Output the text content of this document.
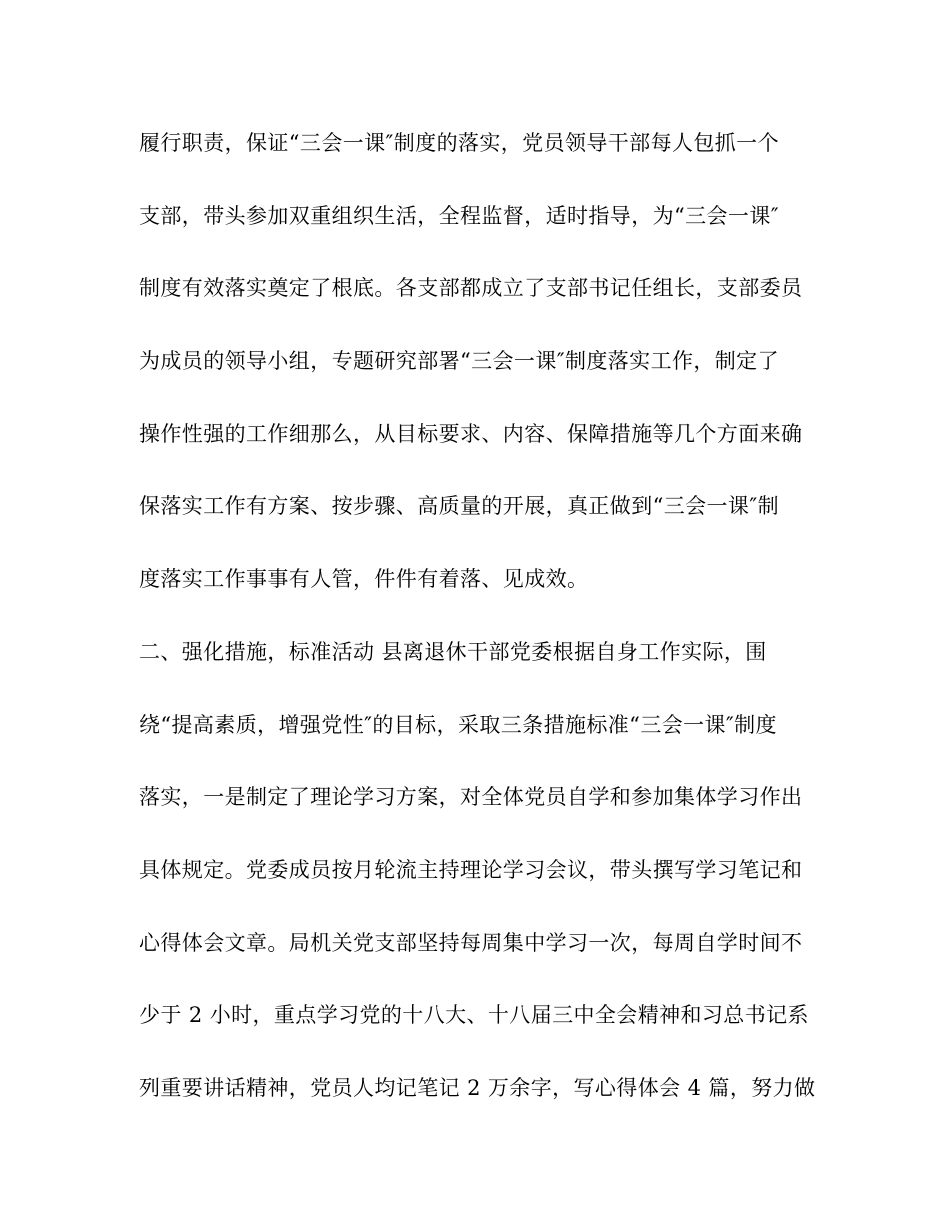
履行职责，保证“三会一课″制度的落实，党员领导干部每人包抓一个
支部，带头参加双重组织生活，全程监督，适时指导，为“三会一课″
制度有效落实奠定了根底。各支部都成立了支部书记任组长，支部委员
为成员的领导小组，专题研究部署“三会一课″制度落实工作，制定了
操作性强的工作细那么，从目标要求、内容、保障措施等几个方面来确
保落实工作有方案、按步骤、高质量的开展，真正做到“三会一课″制
度落实工作事事有人管，件件有着落、见成效。
二、强化措施，标准活动 县离退休干部党委根据自身工作实际，围
绕“提高素质，增强党性″的目标，采取三条措施标准“三会一课″制度
落实，一是制定了理论学习方案，对全体党员自学和参加集体学习作出
具体规定。党委成员按月轮流主持理论学习会议，带头撰写学习笔记和
心得体会文章。局机关党支部坚持每周集中学习一次，每周自学时间不
少于 2 小时，重点学习党的十八大、十八届三中全会精神和习总书记系
列重要讲话精神，党员人均记笔记 2 万余字，写心得体会 4 篇，努力做
